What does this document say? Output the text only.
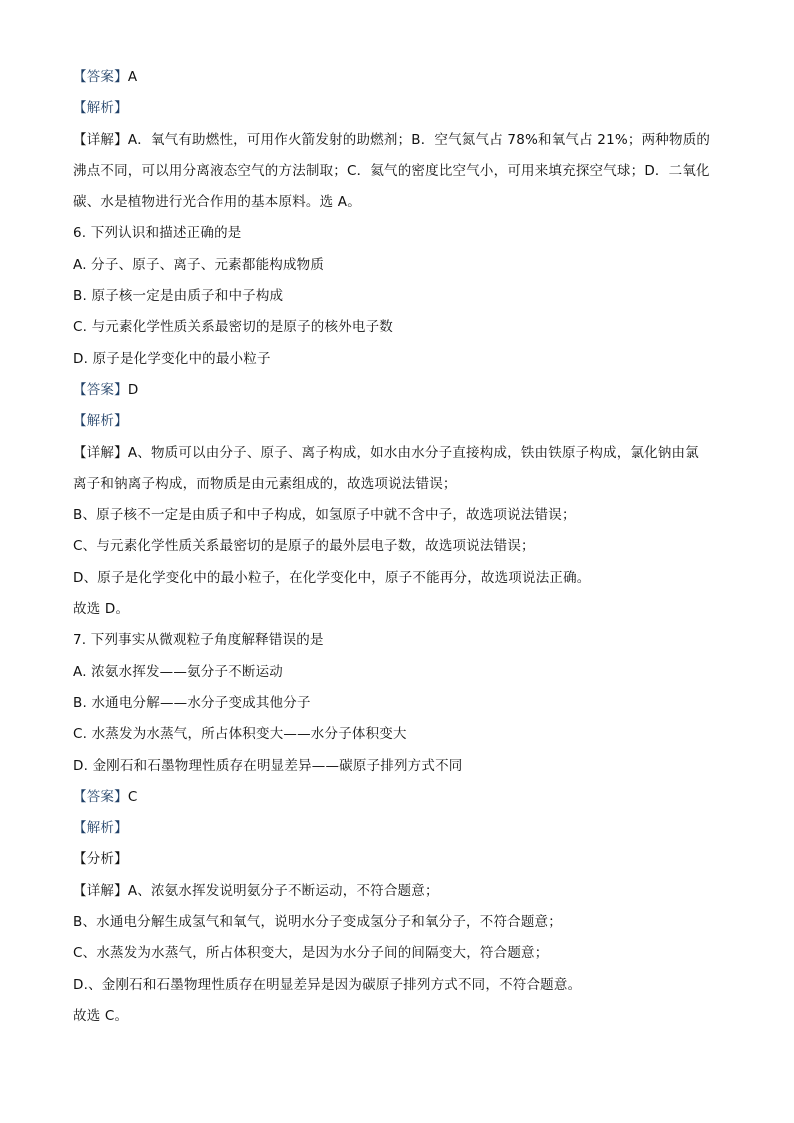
【答案】A
【解析】
【详解】A．氧气有助燃性，可用作火箭发射的助燃剂；B．空气氮气占 78%和氧气占 21%；两种物质的
沸点不同，可以用分离液态空气的方法制取；C．氦气的密度比空气小，可用来填充探空气球；D．二氧化
碳、水是植物进行光合作用的基本原料。选 A。
6. 下列认识和描述正确的是
A. 分子、原子、离子、元素都能构成物质
B. 原子核一定是由质子和中子构成
C. 与元素化学性质关系最密切的是原子的核外电子数
D. 原子是化学变化中的最小粒子
【答案】D
【解析】
【详解】A、物质可以由分子、原子、离子构成，如水由水分子直接构成，铁由铁原子构成，氯化钠由氯
离子和钠离子构成，而物质是由元素组成的，故选项说法错误；
B、原子核不一定是由质子和中子构成，如氢原子中就不含中子，故选项说法错误；
C、与元素化学性质关系最密切的是原子的最外层电子数，故选项说法错误；
D、原子是化学变化中的最小粒子，在化学变化中，原子不能再分，故选项说法正确。
故选 D。
7. 下列事实从微观粒子角度解释错误的是
A. 浓氨水挥发——氨分子不断运动
B. 水通电分解——水分子变成其他分子
C. 水蒸发为水蒸气，所占体积变大——水分子体积变大
D. 金刚石和石墨物理性质存在明显差异——碳原子排列方式不同
【答案】C
【解析】
【分析】
【详解】A、浓氨水挥发说明氨分子不断运动，不符合题意；
B、水通电分解生成氢气和氧气，说明水分子变成氢分子和氧分子，不符合题意；
C、水蒸发为水蒸气，所占体积变大，是因为水分子间的间隔变大，符合题意；
D.、金刚石和石墨物理性质存在明显差异是因为碳原子排列方式不同，不符合题意。
故选 C。
